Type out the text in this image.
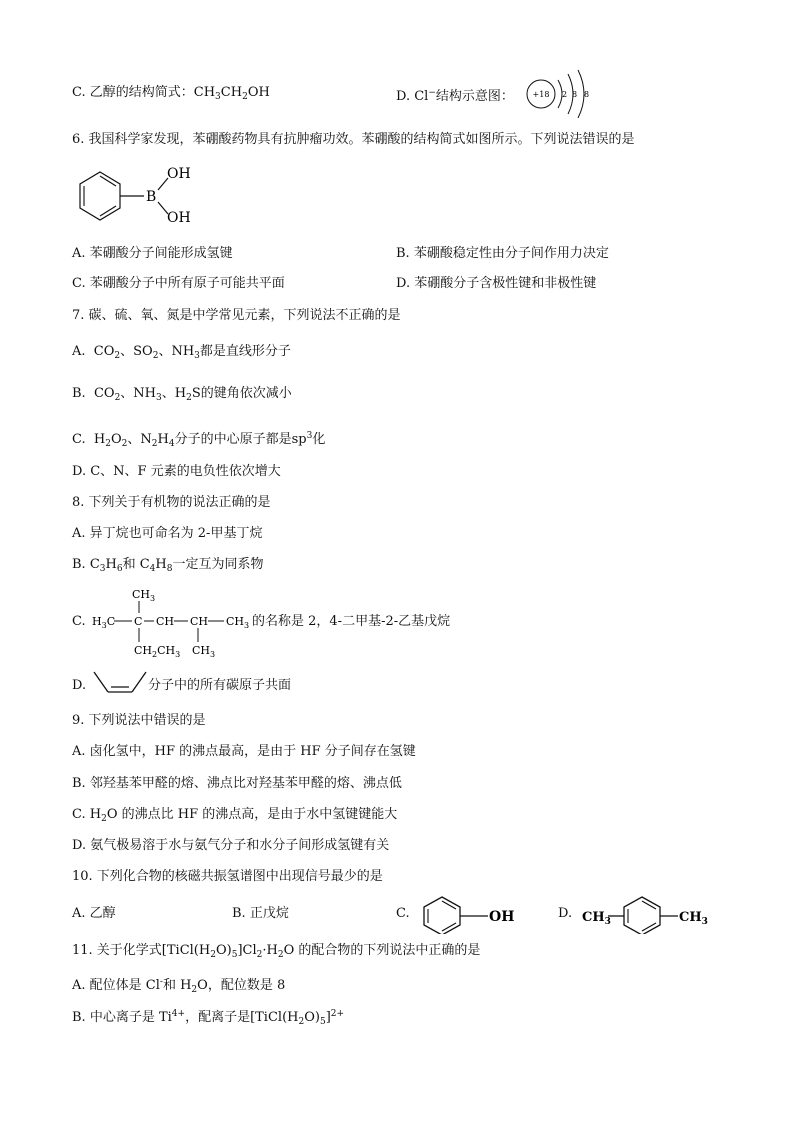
C. 乙醇的结构简式：$CH_3CH_2OH$	D. Cl−结构示意图： +18 2 8 8
6. 我国科学家发现，苯硼酸药物具有抗肿瘤功效。苯硼酸的结构简式如图所示。下列说法错误的是
B
OH
OH
A. 苯硼酸分子间能形成氢键	B. 苯硼酸稳定性由分子间作用力决定
C. 苯硼酸分子中所有原子可能共平面	D. 苯硼酸分子含极性键和非极性键
7. 碳、硫、氧、氮是中学常见元素，下列说法不正确的是
A.  $CO_2$、$SO_2$、$NH_3$都是直线形分子
B.  $CO_2$、$NH_3$、$H_2S$的键角依次减小
C.  $H_2O_2$、$N_2H_4$分子的中心原子都是$sp^3$化
D. C、N、F 元素的电负性依次增大
8. 下列关于有机物的说法正确的是
A. 异丁烷也可命名为 2-甲基丁烷
B. $C_3H_6$和 $C_4H_8$一定互为同系物
C.
$CH_3$
$H_3C$ C CH CH $CH_3$
$CH_2CH_3$ $CH_3$
的名称是 2，4-二甲基-2-乙基戊烷
D.	分子中的所有碳原子共面
9. 下列说法中错误的是
A. 卤化氢中，HF 的沸点最高，是由于 HF 分子间存在氢键
B. 邻羟基苯甲醛的熔、沸点比对羟基苯甲醛的熔、沸点低
C. $H_2O$ 的沸点比 HF 的沸点高，是由于水中氢键键能大
D. 氨气极易溶于水与氨气分子和水分子间形成氢键有关
10. 下列化合物的核磁共振氢谱图中出现信号最少的是
A. 乙醇	B. 正戊烷	C.	OH	D. $CH_3$	$CH_3$
11. 关于化学式$[TiCl(H_2O)_5]Cl_2\cdot H_2O$ 的配合物的下列说法中正确的是
A. 配位体是 Cl-和 $H_2O$，配位数是 8
B. 中心离子是 $Ti^{4+}$，配离子是$[TiCl(H_2O)_5]^{2+}$
